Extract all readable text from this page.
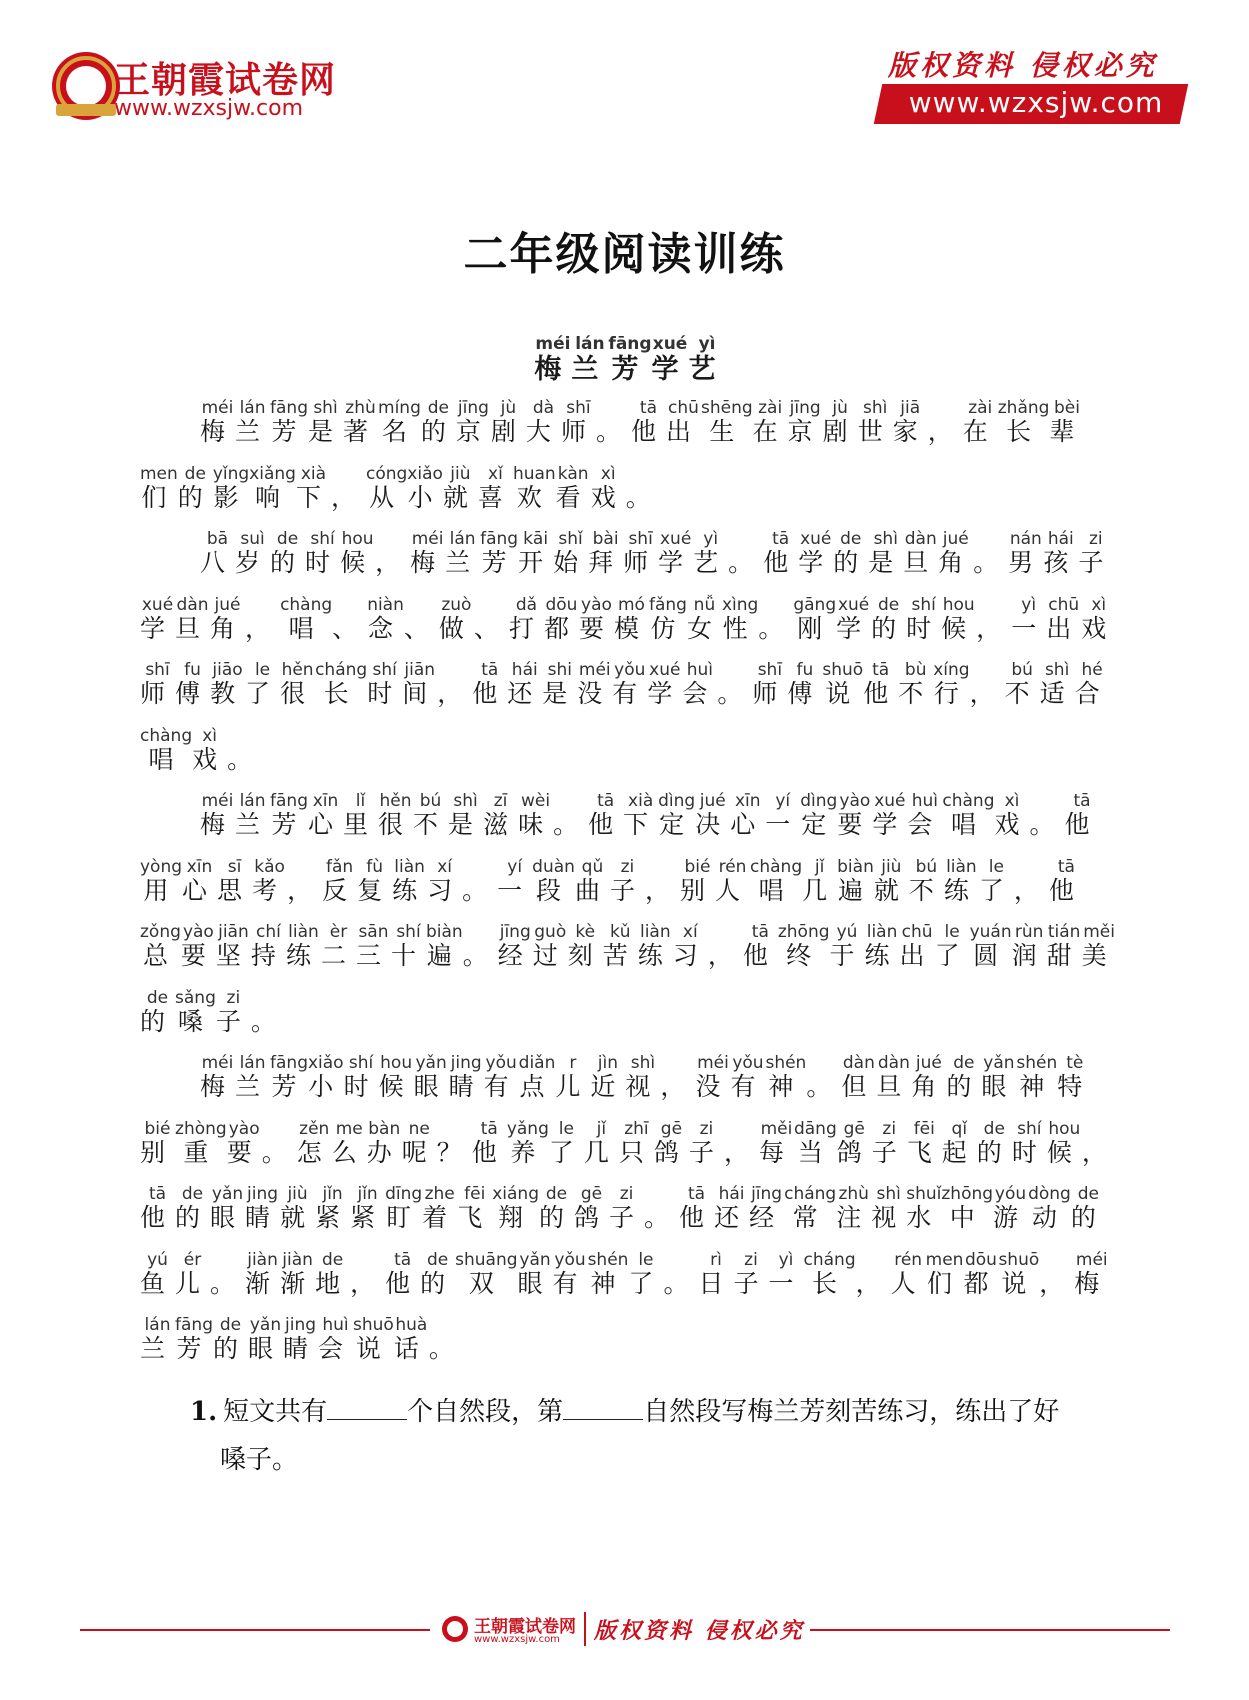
王朝霞试卷网
www.wzxsjw.com
版权资料 侵权必究
www.wzxsjw.com
二年级阅读训练

梅méi兰lán芳fāng学xué艺yì

梅méi兰lán芳fāng是shì著zhù名míng的de京jīng剧jù大dà师shī。他tā出chū生shēng在zài京jīng剧jù世shì家jiā，在zài长zhǎng辈bèi们men的de影yǐng响xiǎng下xià，从cóng小xiǎo就jiù喜xǐ欢huan看kàn戏xì。

八bā岁suì的de时shí候hou，梅méi兰lán芳fāng开kāi始shǐ拜bài师shī学xué艺yì。他tā学xué的de是shì旦dàn角jué。男nán孩hái子zi学xué旦dàn角jué，唱chàng、念niàn、做zuò、打dǎ都dōu要yào模mó仿fǎng女nǚ性xìng。刚gāng学xué的de时shí候hou，一yì出chū戏xì师shī傅fu教jiāo了le很hěn长cháng时shí间jiān，他tā还hái是shi没méi有yǒu学xué会huì。师shī傅fu说shuō他tā不bù行xíng，不bú适shì合hé唱chàng戏xì。

梅méi兰lán芳fāng心xīn里lǐ很hěn不bú是shì滋zī味wèi。他tā下xià定dìng决jué心xīn一yí定dìng要yào学xué会huì唱chàng戏xì。他tā用yòng心xīn思sī考kǎo，反fǎn复fù练liàn习xí。一yí段duàn曲qǔ子zi，别bié人rén唱chàng几jǐ遍biàn就jiù不bú练liàn了le，他tā总zǒng要yào坚jiān持chí练liàn二èr三sān十shí遍biàn。经jīng过guò刻kè苦kǔ练liàn习xí，他tā终zhōng于yú练liàn出chū了le圆yuán润rùn甜tián美měi的de嗓sǎng子zi。

梅méi兰lán芳fāng小xiǎo时shí候hou眼yǎn睛jing有yǒu点diǎn儿r近jìn视shì，没méi有yǒu神shén。但dàn旦dàn角jué的de眼yǎn神shén特tè别bié重zhòng要yào。怎zěn么me办bàn呢ne？他tā养yǎng了le几jǐ只zhī鸽gē子zi，每měi当dāng鸽gē子zi飞fēi起qǐ的de时shí候hou，他tā的de眼yǎn睛jing就jiù紧jǐn紧jǐn盯dīng着zhe飞fēi翔xiáng的de鸽gē子zi。他tā还hái经jīng常cháng注zhù视shì水shuǐ中zhōng游yóu动dòng的de鱼yú儿ér。渐jiàn渐jiàn地de，他tā的de双shuāng眼yǎn有yǒu神shén了le。日rì子zi一yì长cháng，人rén们men都dōu说shuō，梅méi兰lán芳fāng的de眼yǎn睛jing会huì说shuō话huà。

1. 短文共有	个自然段，第	自然段写梅兰芳刻苦练习，练出了好
嗓子。
王朝霞试卷网
www.wzxsjw.com 版权资料 侵权必究
